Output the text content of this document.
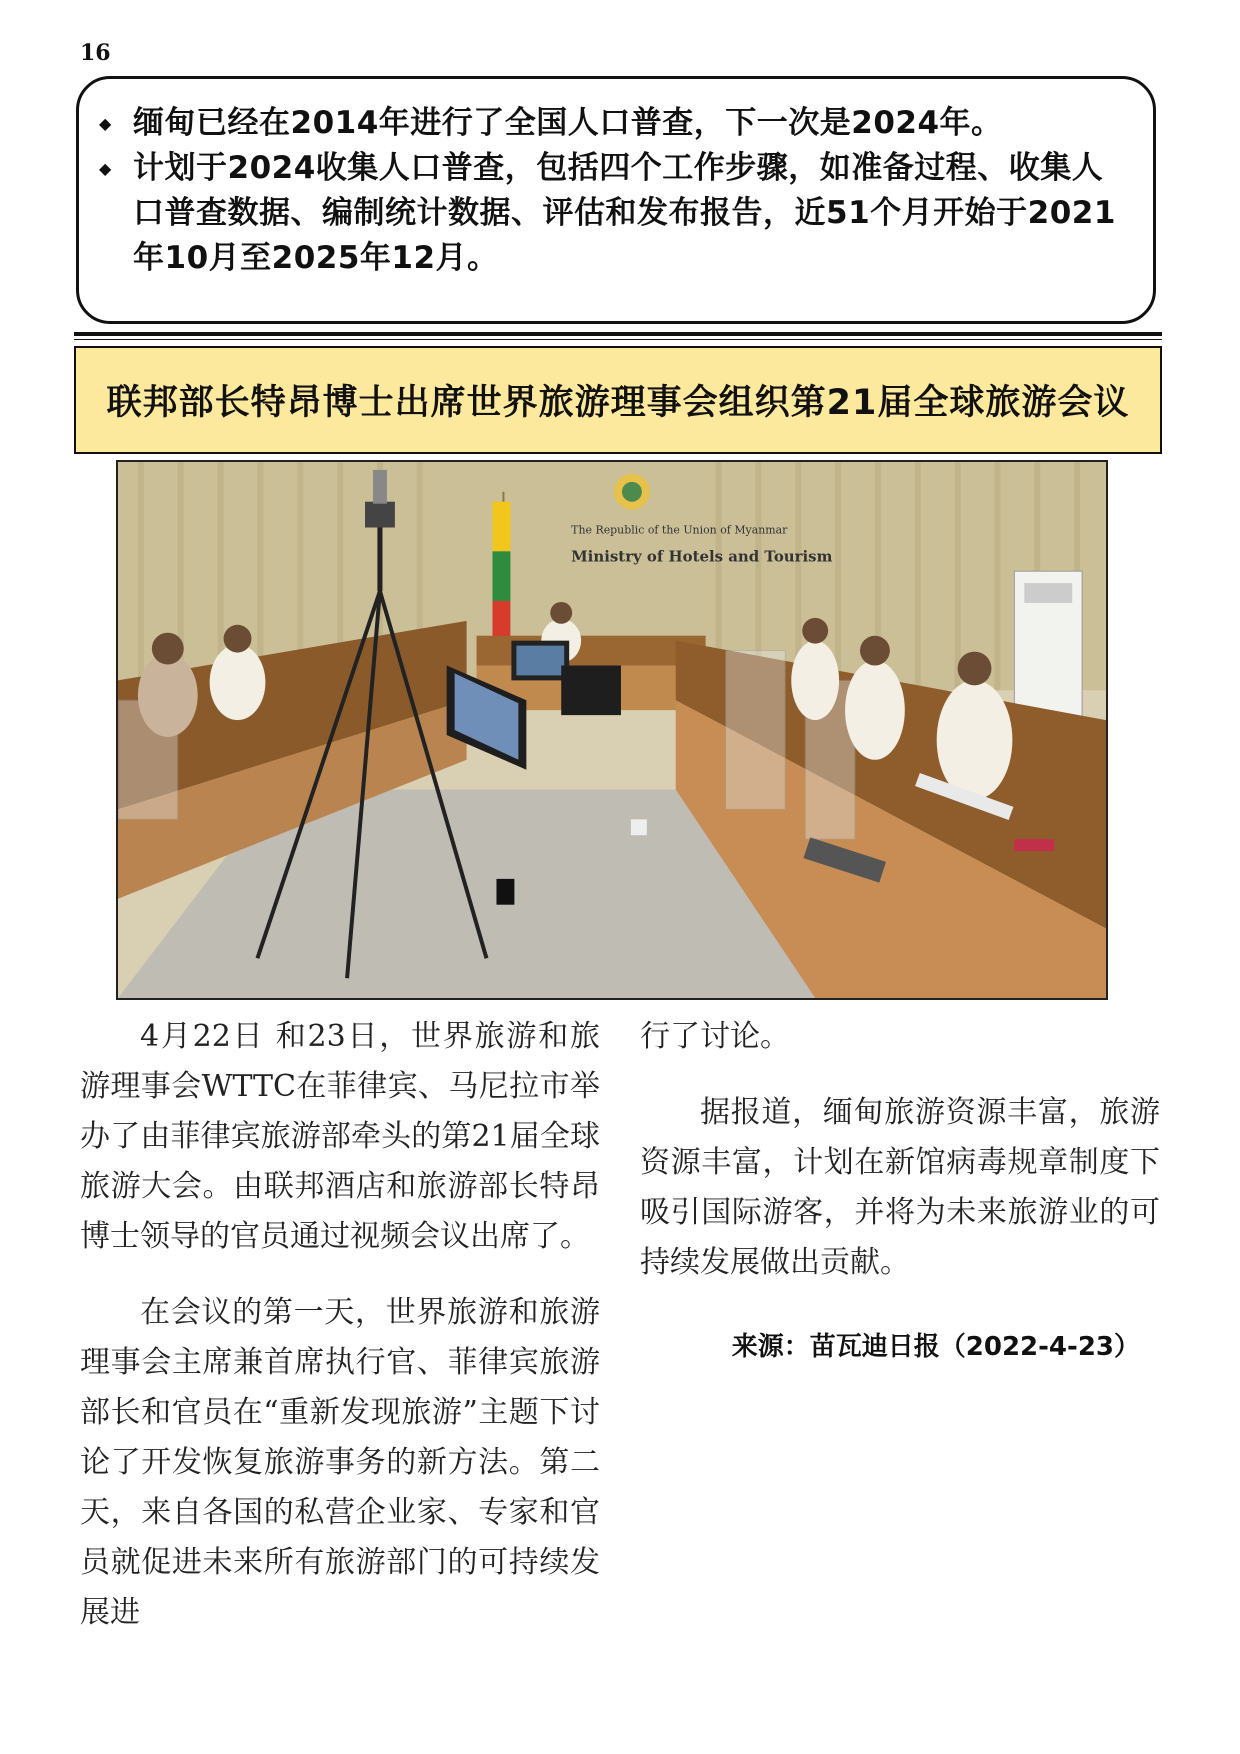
16
◆ 缅甸已经在2014年进行了全国人口普查，下一次是2024年。
◆ 计划于2024收集人口普查，包括四个工作步骤，如准备过程、收集人口普查数据、编制统计数据、评估和发布报告，近51个月开始于2021年10月至2025年12月。
联邦部长特昂博士出席世界旅游理事会组织第21届全球旅游会议
The Republic of the Union of Myanmar
Ministry of Hotels and Tourism

4月22日 和23日，世界旅游和旅游理事会WTTC在菲律宾、马尼拉市举办了由菲律宾旅游部牵头的第21届全球旅游大会。由联邦酒店和旅游部长特昂博士领导的官员通过视频会议出席了。

在会议的第一天，世界旅游和旅游理事会主席兼首席执行官、菲律宾旅游部长和官员在“重新发现旅游”主题下讨论了开发恢复旅游事务的新方法。第二天，来自各国的私营企业家、专家和官员就促进未来所有旅游部门的可持续发展进

行了讨论。

据报道，缅甸旅游资源丰富，旅游资源丰富，计划在新馆病毒规章制度下吸引国际游客，并将为未来旅游业的可持续发展做出贡献。

来源：苗瓦迪日报（2022-4-23）
